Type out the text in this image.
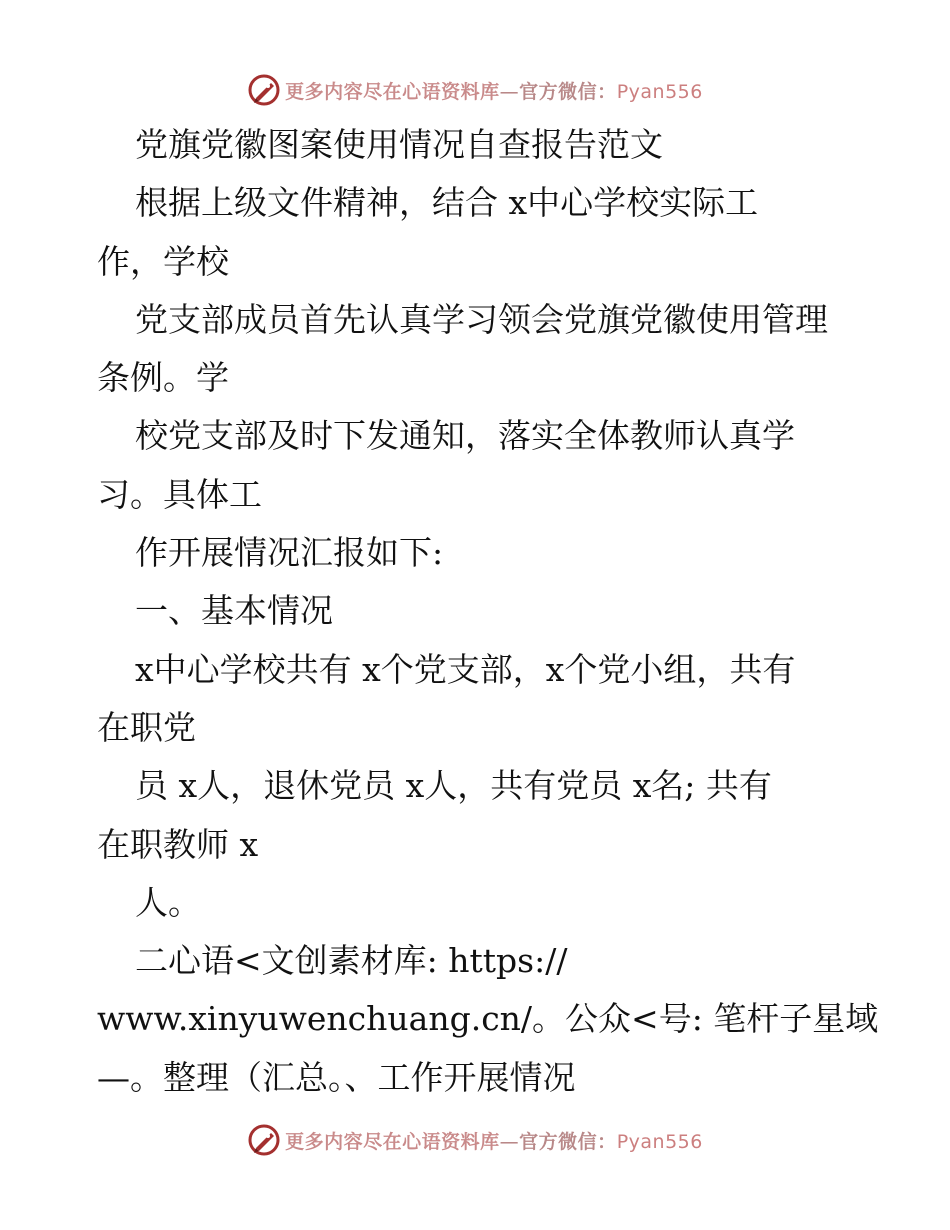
更多内容尽在心语资料库—官方微信：Pyan556
党旗党徽图案使用情况自查报告范文
根据上级文件精神，结合 x中心学校实际工
作，学校
党支部成员首先认真学习领会党旗党徽使用管理
条例。学
校党支部及时下发通知，落实全体教师认真学
习。具体工
作开展情况汇报如下:
一、基本情况
x中心学校共有 x个党支部，x个党小组，共有
在职党
员 x人，退休党员 x人，共有党员 x名; 共有
在职教师 x
人。
二心语<文创素材库: https://
www.xinyuwenchuang.cn/。公众<号: 笔杆子星域
—。整理（汇总。、工作开展情况
更多内容尽在心语资料库—官方微信：Pyan556
